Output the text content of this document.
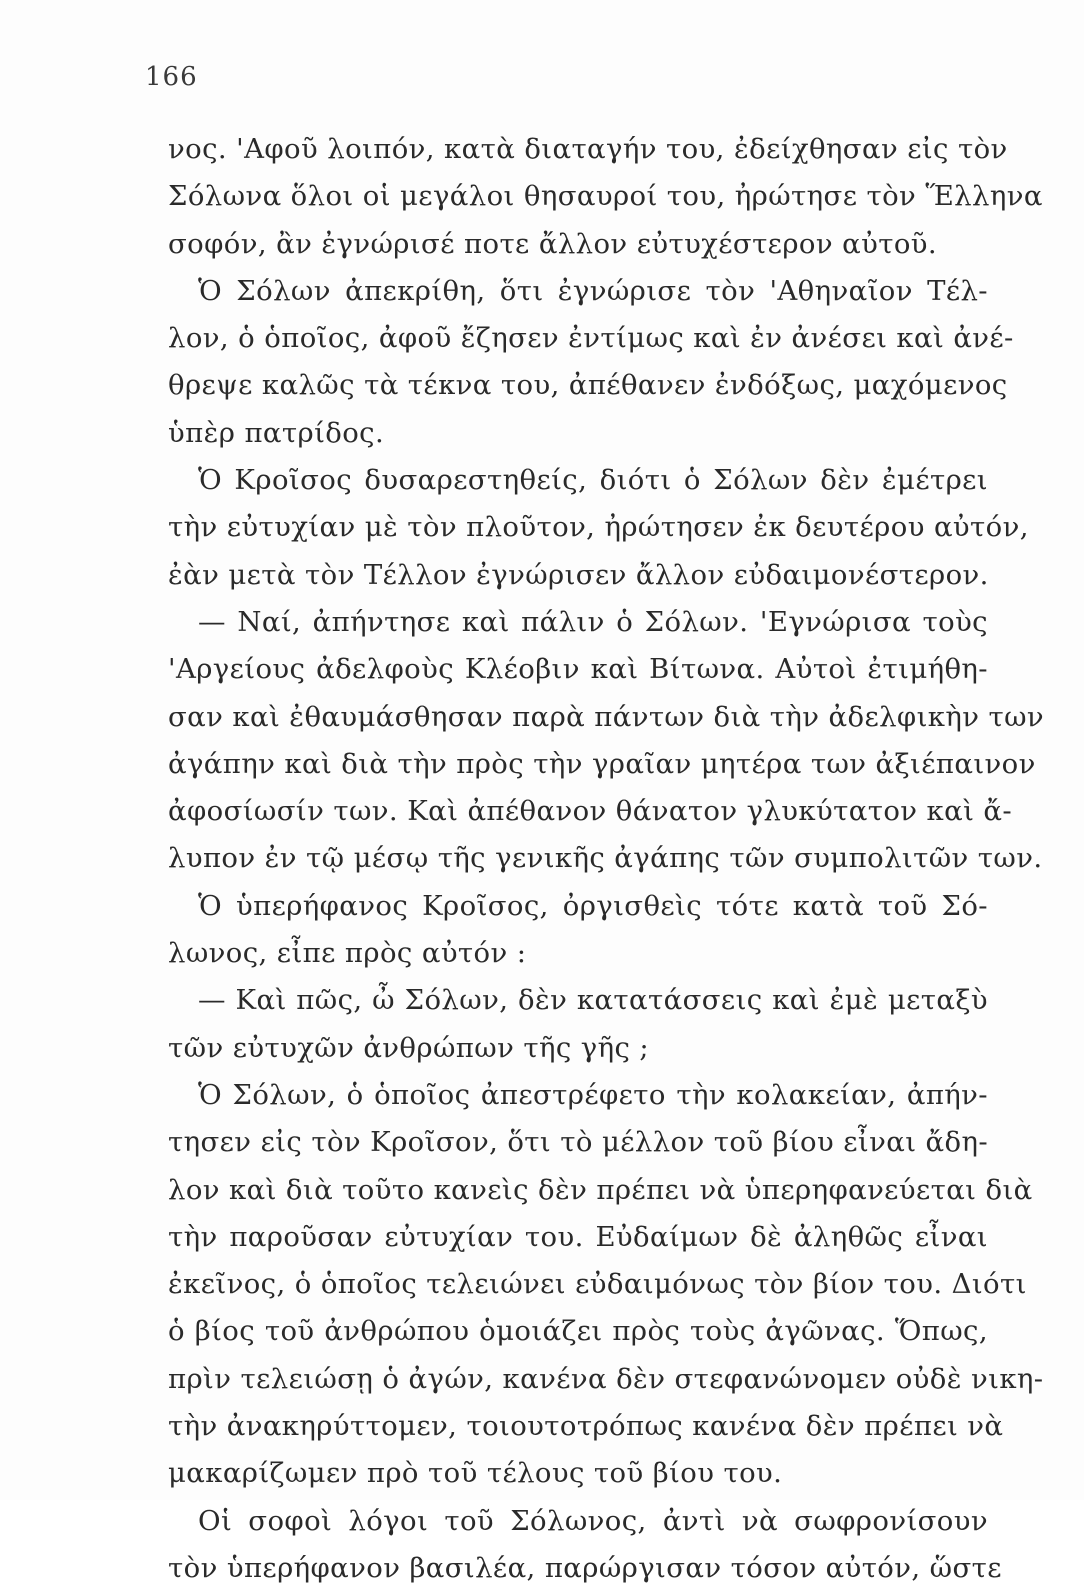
166
νος. 'Αφοῦ λοιπόν, κατὰ διαταγήν του, ἐδείχθησαν εἰς τὸν
Σόλωνα ὅλοι οἱ μεγάλοι θησαυροί του, ἠρώτησε τὸν Ἕλληνα
σοφόν, ἂν ἐγνώρισέ ποτε ἄλλον εὐτυχέστερον αὐτοῦ.
Ὁ Σόλων ἀπεκρίθη, ὅτι ἐγνώρισε τὸν 'Αθηναῖον Τέλ-
λον, ὁ ὁποῖος, ἀφοῦ ἔζησεν ἐντίμως καὶ ἐν ἀνέσει καὶ ἀνέ-
θρεψε καλῶς τὰ τέκνα του, ἀπέθανεν ἐνδόξως, μαχόμενος
ὑπὲρ πατρίδος.
Ὁ Κροῖσος δυσαρεστηθείς, διότι ὁ Σόλων δὲν ἐμέτρει
τὴν εὐτυχίαν μὲ τὸν πλοῦτον, ἠρώτησεν ἐκ δευτέρου αὐτόν,
ἐὰν μετὰ τὸν Τέλλον ἐγνώρισεν ἄλλον εὐδαιμονέστερον.
— Ναί, ἀπήντησε καὶ πάλιν ὁ Σόλων. 'Εγνώρισα τοὺς
'Αργείους ἀδελφοὺς Κλέοβιν καὶ Βίτωνα. Αὐτοὶ ἐτιμήθη-
σαν καὶ ἐθαυμάσθησαν παρὰ πάντων διὰ τὴν ἀδελφικὴν των
ἀγάπην καὶ διὰ τὴν πρὸς τὴν γραῖαν μητέρα των ἀξιέπαινον
ἀφοσίωσίν των. Καὶ ἀπέθανον θάνατον γλυκύτατον καὶ ἄ-
λυπον ἐν τῷ μέσῳ τῆς γενικῆς ἀγάπης τῶν συμπολιτῶν των.
Ὁ ὑπερήφανος Κροῖσος, ὀργισθεὶς τότε κατὰ τοῦ Σό-
λωνος, εἶπε πρὸς αὐτόν :
— Καὶ πῶς, ὦ Σόλων, δὲν κατατάσσεις καὶ ἐμὲ μεταξὺ
τῶν εὐτυχῶν ἀνθρώπων τῆς γῆς ;
Ὁ Σόλων, ὁ ὁποῖος ἀπεστρέφετο τὴν κολακείαν, ἀπήν-
τησεν εἰς τὸν Κροῖσον, ὅτι τὸ μέλλον τοῦ βίου εἶναι ἄδη-
λον καὶ διὰ τοῦτο κανεὶς δὲν πρέπει νὰ ὑπερηφανεύεται διὰ
τὴν παροῦσαν εὐτυχίαν του. Εὐδαίμων δὲ ἀληθῶς εἶναι
ἐκεῖνος, ὁ ὁποῖος τελειώνει εὐδαιμόνως τὸν βίον του. Διότι
ὁ βίος τοῦ ἀνθρώπου ὁμοιάζει πρὸς τοὺς ἀγῶνας. Ὅπως,
πρὶν τελειώσῃ ὁ ἀγών, κανένα δὲν στεφανώνομεν οὐδὲ νικη-
τὴν ἀνακηρύττομεν, τοιουτοτρόπως κανένα δὲν πρέπει νὰ
μακαρίζωμεν πρὸ τοῦ τέλους τοῦ βίου του.
Οἱ σοφοὶ λόγοι τοῦ Σόλωνος, ἀντὶ νὰ σωφρονίσουν
τὸν ὑπερήφανον βασιλέα, παρώργισαν τόσον αὐτόν, ὥστε
